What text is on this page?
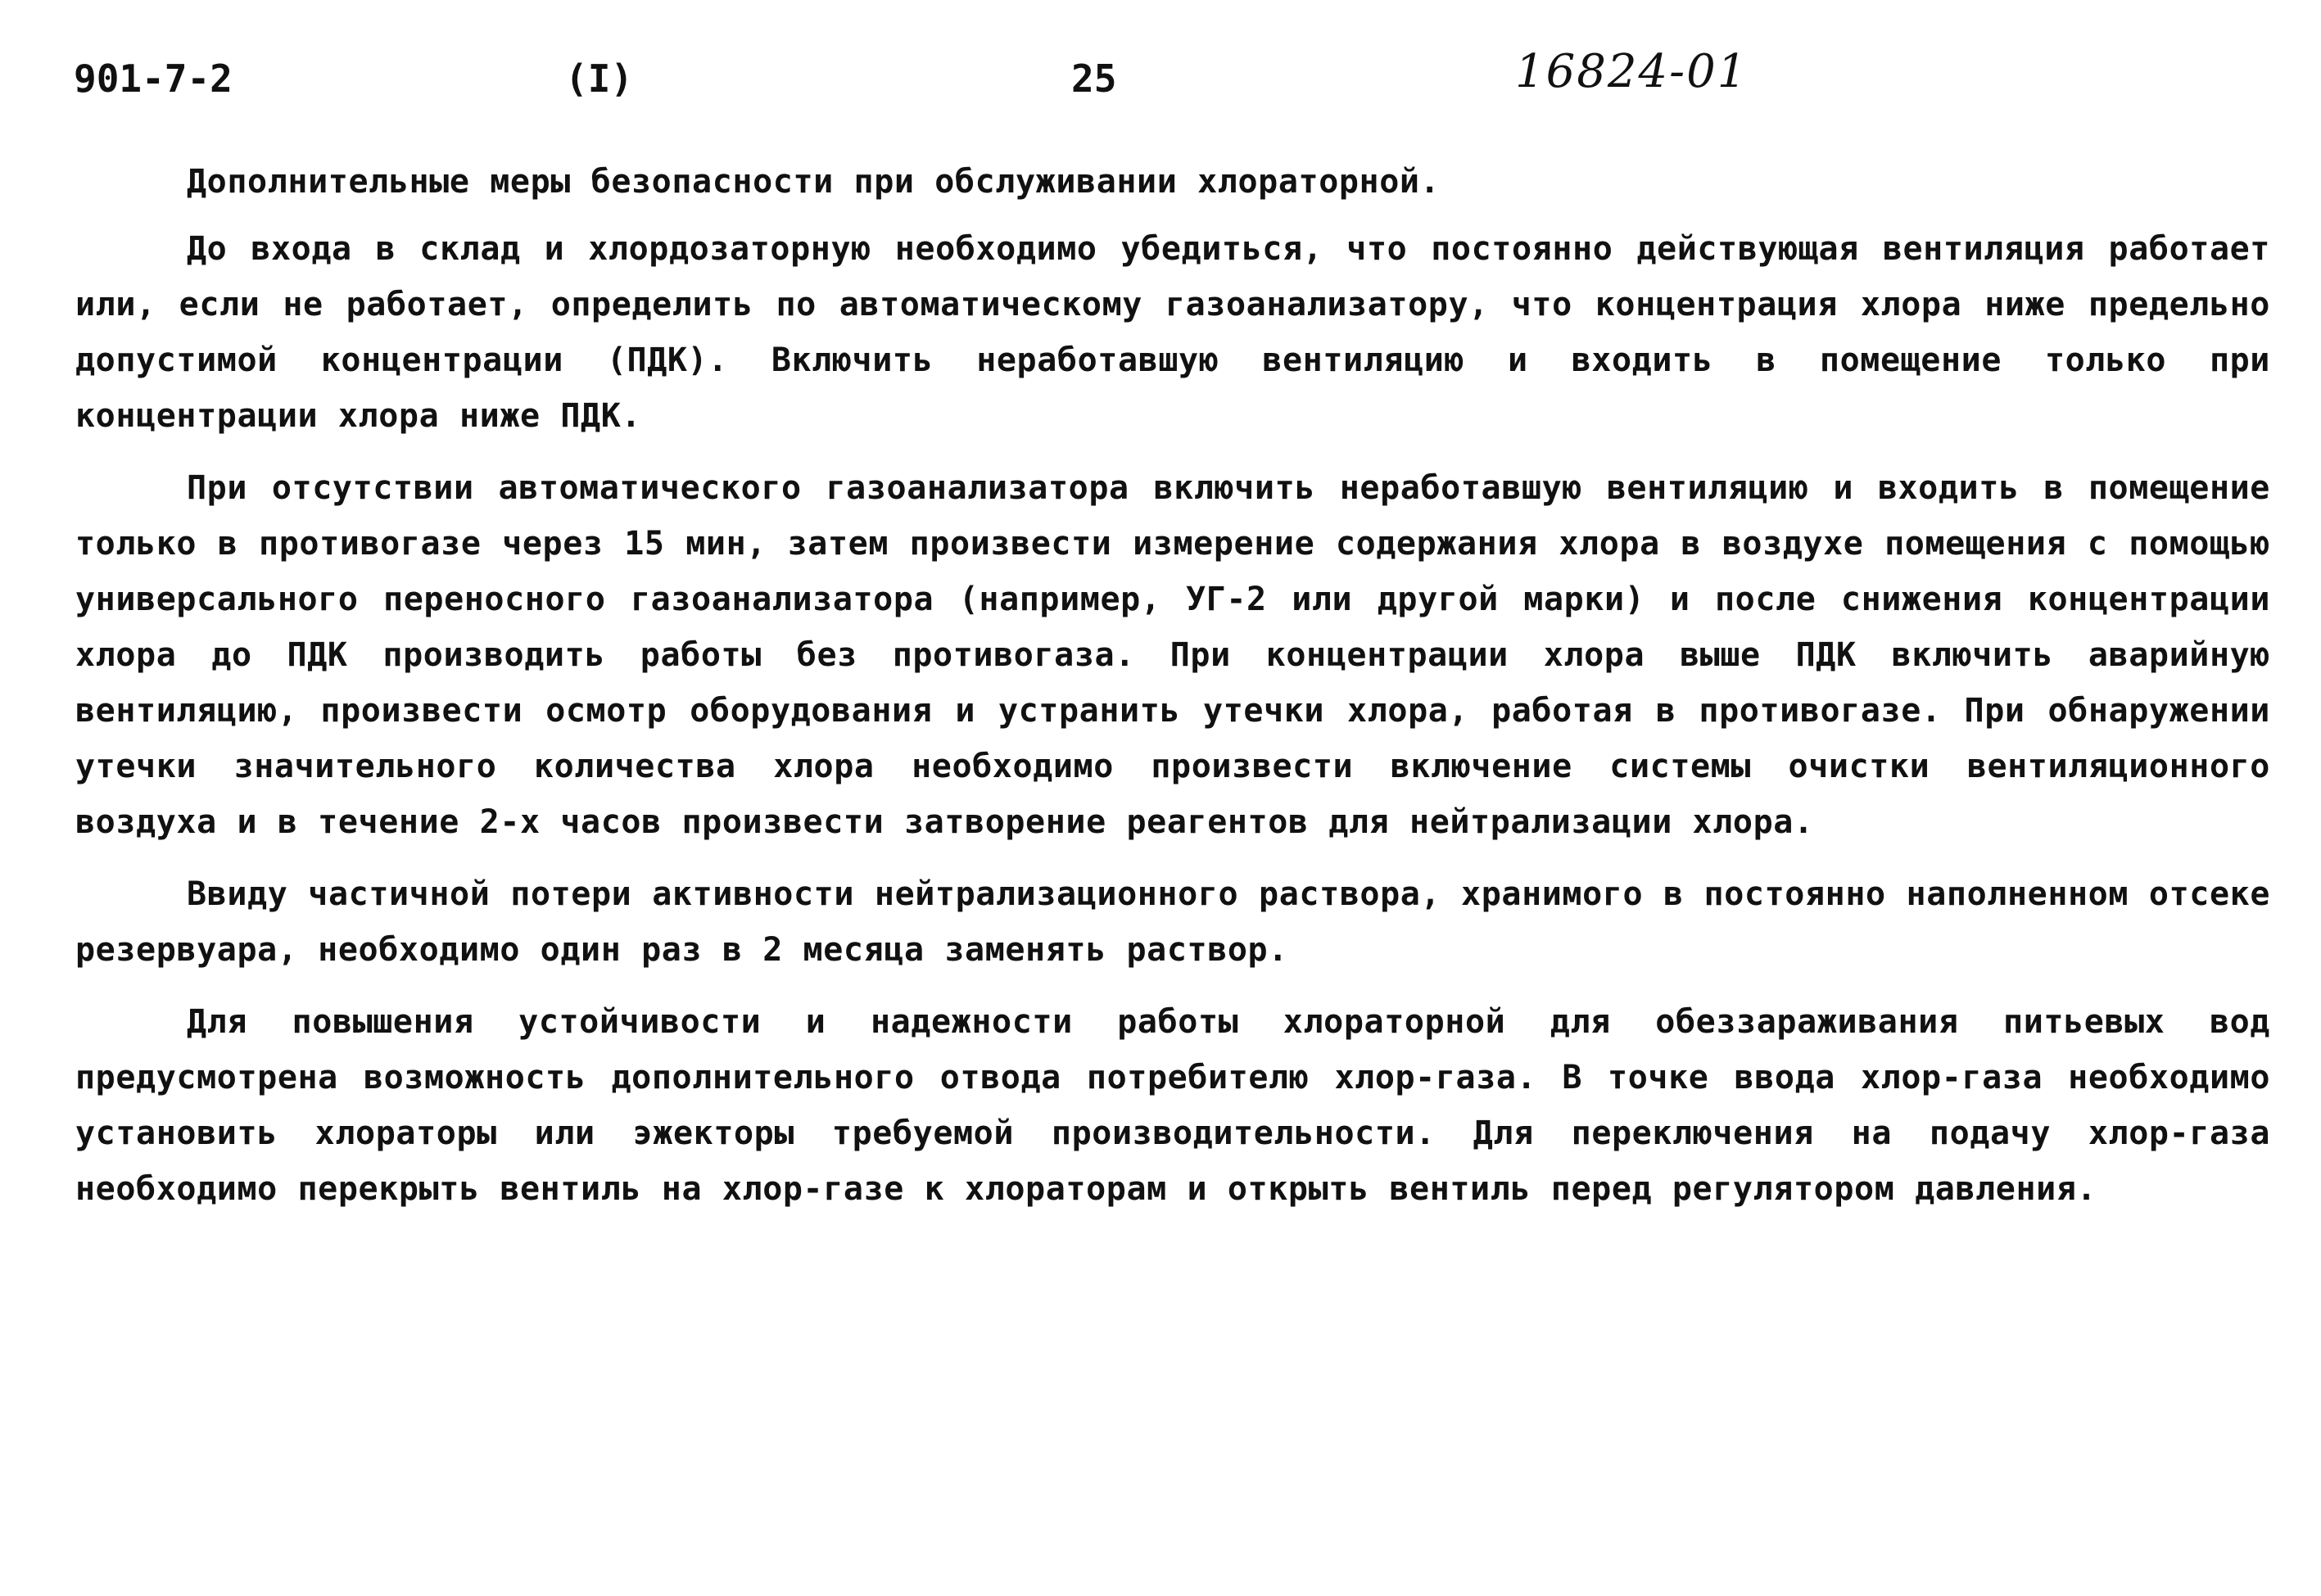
901-7-2	(I)	25	16824-01

Дополнительные меры безопасности при обслуживании хлораторной.

До входа в склад и хлордозаторную необходимо убедиться, что постоянно действующая вентиляция работает или, если не работает, определить по автоматическому газоанализатору, что концентрация хлора ниже предельно допустимой концентрации (ПДК). Включить неработавшую вентиляцию и входить в помещение только при концентрации хлора ниже ПДК.

При отсутствии автоматического газоанализатора включить неработавшую вентиляцию и входить в помещение только в противогазе через 15 мин, затем произвести измерение содержания хлора в воздухе помещения с помощью универсального переносного газоанализатора (например, УГ-2 или другой марки) и после снижения концентрации хлора до ПДК производить работы без противогаза. При концентрации хлора выше ПДК включить аварийную вентиляцию, произвести осмотр оборудования и устранить утечки хлора, работая в противогазе. При обнаружении утечки значительного количества хлора необходимо произвести включение системы очистки вентиляционного воздуха и в течение 2-х часов произвести затворение реагентов для нейтрализации хлора.

Ввиду частичной потери активности нейтрализационного раствора, хранимого в постоянно наполненном отсеке резервуара, необходимо один раз в 2 месяца заменять раствор.

Для повышения устойчивости и надежности работы хлораторной для обеззараживания питьевых вод предусмотрена возможность дополнительного отвода потребителю хлор-газа. В точке ввода хлор-газа необходимо установить хлораторы или эжекторы требуемой производительности. Для переключения на подачу хлор-газа необходимо перекрыть вентиль на хлор-газе к хлораторам и открыть вентиль перед регулятором давления.
